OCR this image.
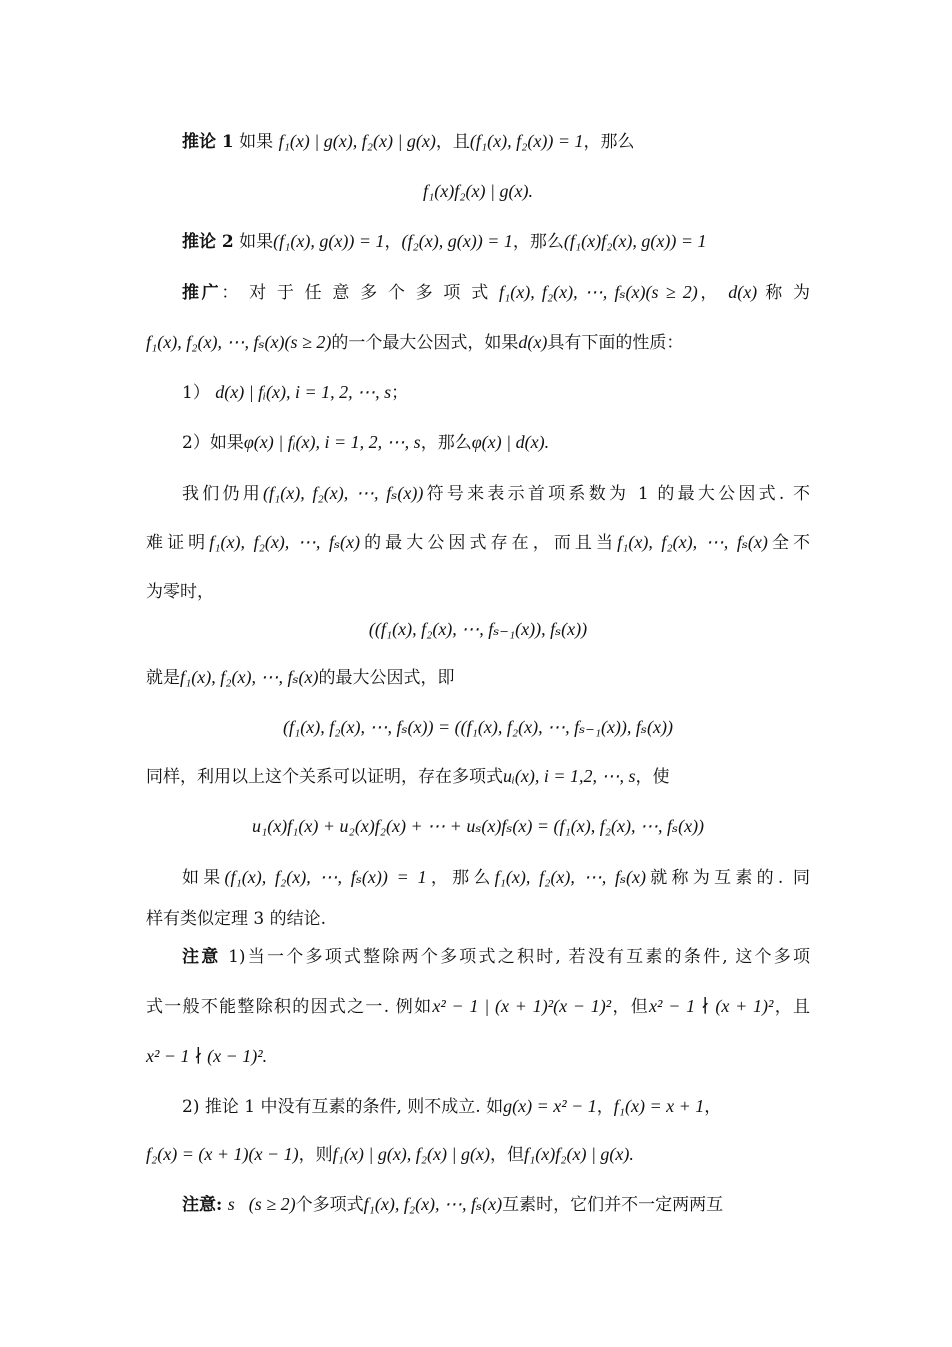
推论 1 如果 f₁(x) | g(x), f₂(x) | g(x)，且(f₁(x), f₂(x)) = 1，那么
f₁(x)f₂(x) | g(x).
推论 2 如果(f₁(x), g(x)) = 1，(f₂(x), g(x)) = 1，那么(f₁(x)f₂(x), g(x)) = 1
推广： 对 于 任 意 多 个 多 项 式 f₁(x), f₂(x), ⋯, fₛ(x)(s ≥ 2)， d(x) 称 为
f₁(x), f₂(x), ⋯, fₛ(x)(s ≥ 2)的一个最大公因式，如果d(x)具有下面的性质：
1） d(x) | fᵢ(x), i = 1, 2, ⋯, s；
2）如果φ(x) | fᵢ(x), i = 1, 2, ⋯, s，那么φ(x) | d(x).
我们仍用(f₁(x), f₂(x), ⋯, fₛ(x))符号来表示首项系数为 1 的最大公因式. 不
难证明f₁(x), f₂(x), ⋯, fₛ(x)的最大公因式存在，而且当f₁(x), f₂(x), ⋯, fₛ(x)全不
为零时，
((f₁(x), f₂(x), ⋯, fₛ₋₁(x)), fₛ(x))
就是f₁(x), f₂(x), ⋯, fₛ(x)的最大公因式，即
(f₁(x), f₂(x), ⋯, fₛ(x)) = ((f₁(x), f₂(x), ⋯, fₛ₋₁(x)), fₛ(x))
同样，利用以上这个关系可以证明，存在多项式uᵢ(x), i = 1,2, ⋯, s，使
u₁(x)f₁(x) + u₂(x)f₂(x) + ⋯ + uₛ(x)fₛ(x) = (f₁(x), f₂(x), ⋯, fₛ(x))
如果(f₁(x), f₂(x), ⋯, fₛ(x)) = 1，那么f₁(x), f₂(x), ⋯, fₛ(x)就称为互素的. 同
样有类似定理 3 的结论.
注意 1)当一个多项式整除两个多项式之积时, 若没有互素的条件, 这个多项
式一般不能整除积的因式之一. 例如x² − 1 | (x + 1)²(x − 1)²，但x² − 1 ∤ (x + 1)²，且
x² − 1 ∤ (x − 1)².
2) 推论 1 中没有互素的条件, 则不成立. 如g(x) = x² − 1，f₁(x) = x + 1，
f₂(x) = (x + 1)(x − 1)，则f₁(x) | g(x), f₂(x) | g(x)，但f₁(x)f₂(x) | g(x).
注意: s (s ≥ 2)个多项式f₁(x), f₂(x), ⋯, fₛ(x)互素时，它们并不一定两两互
